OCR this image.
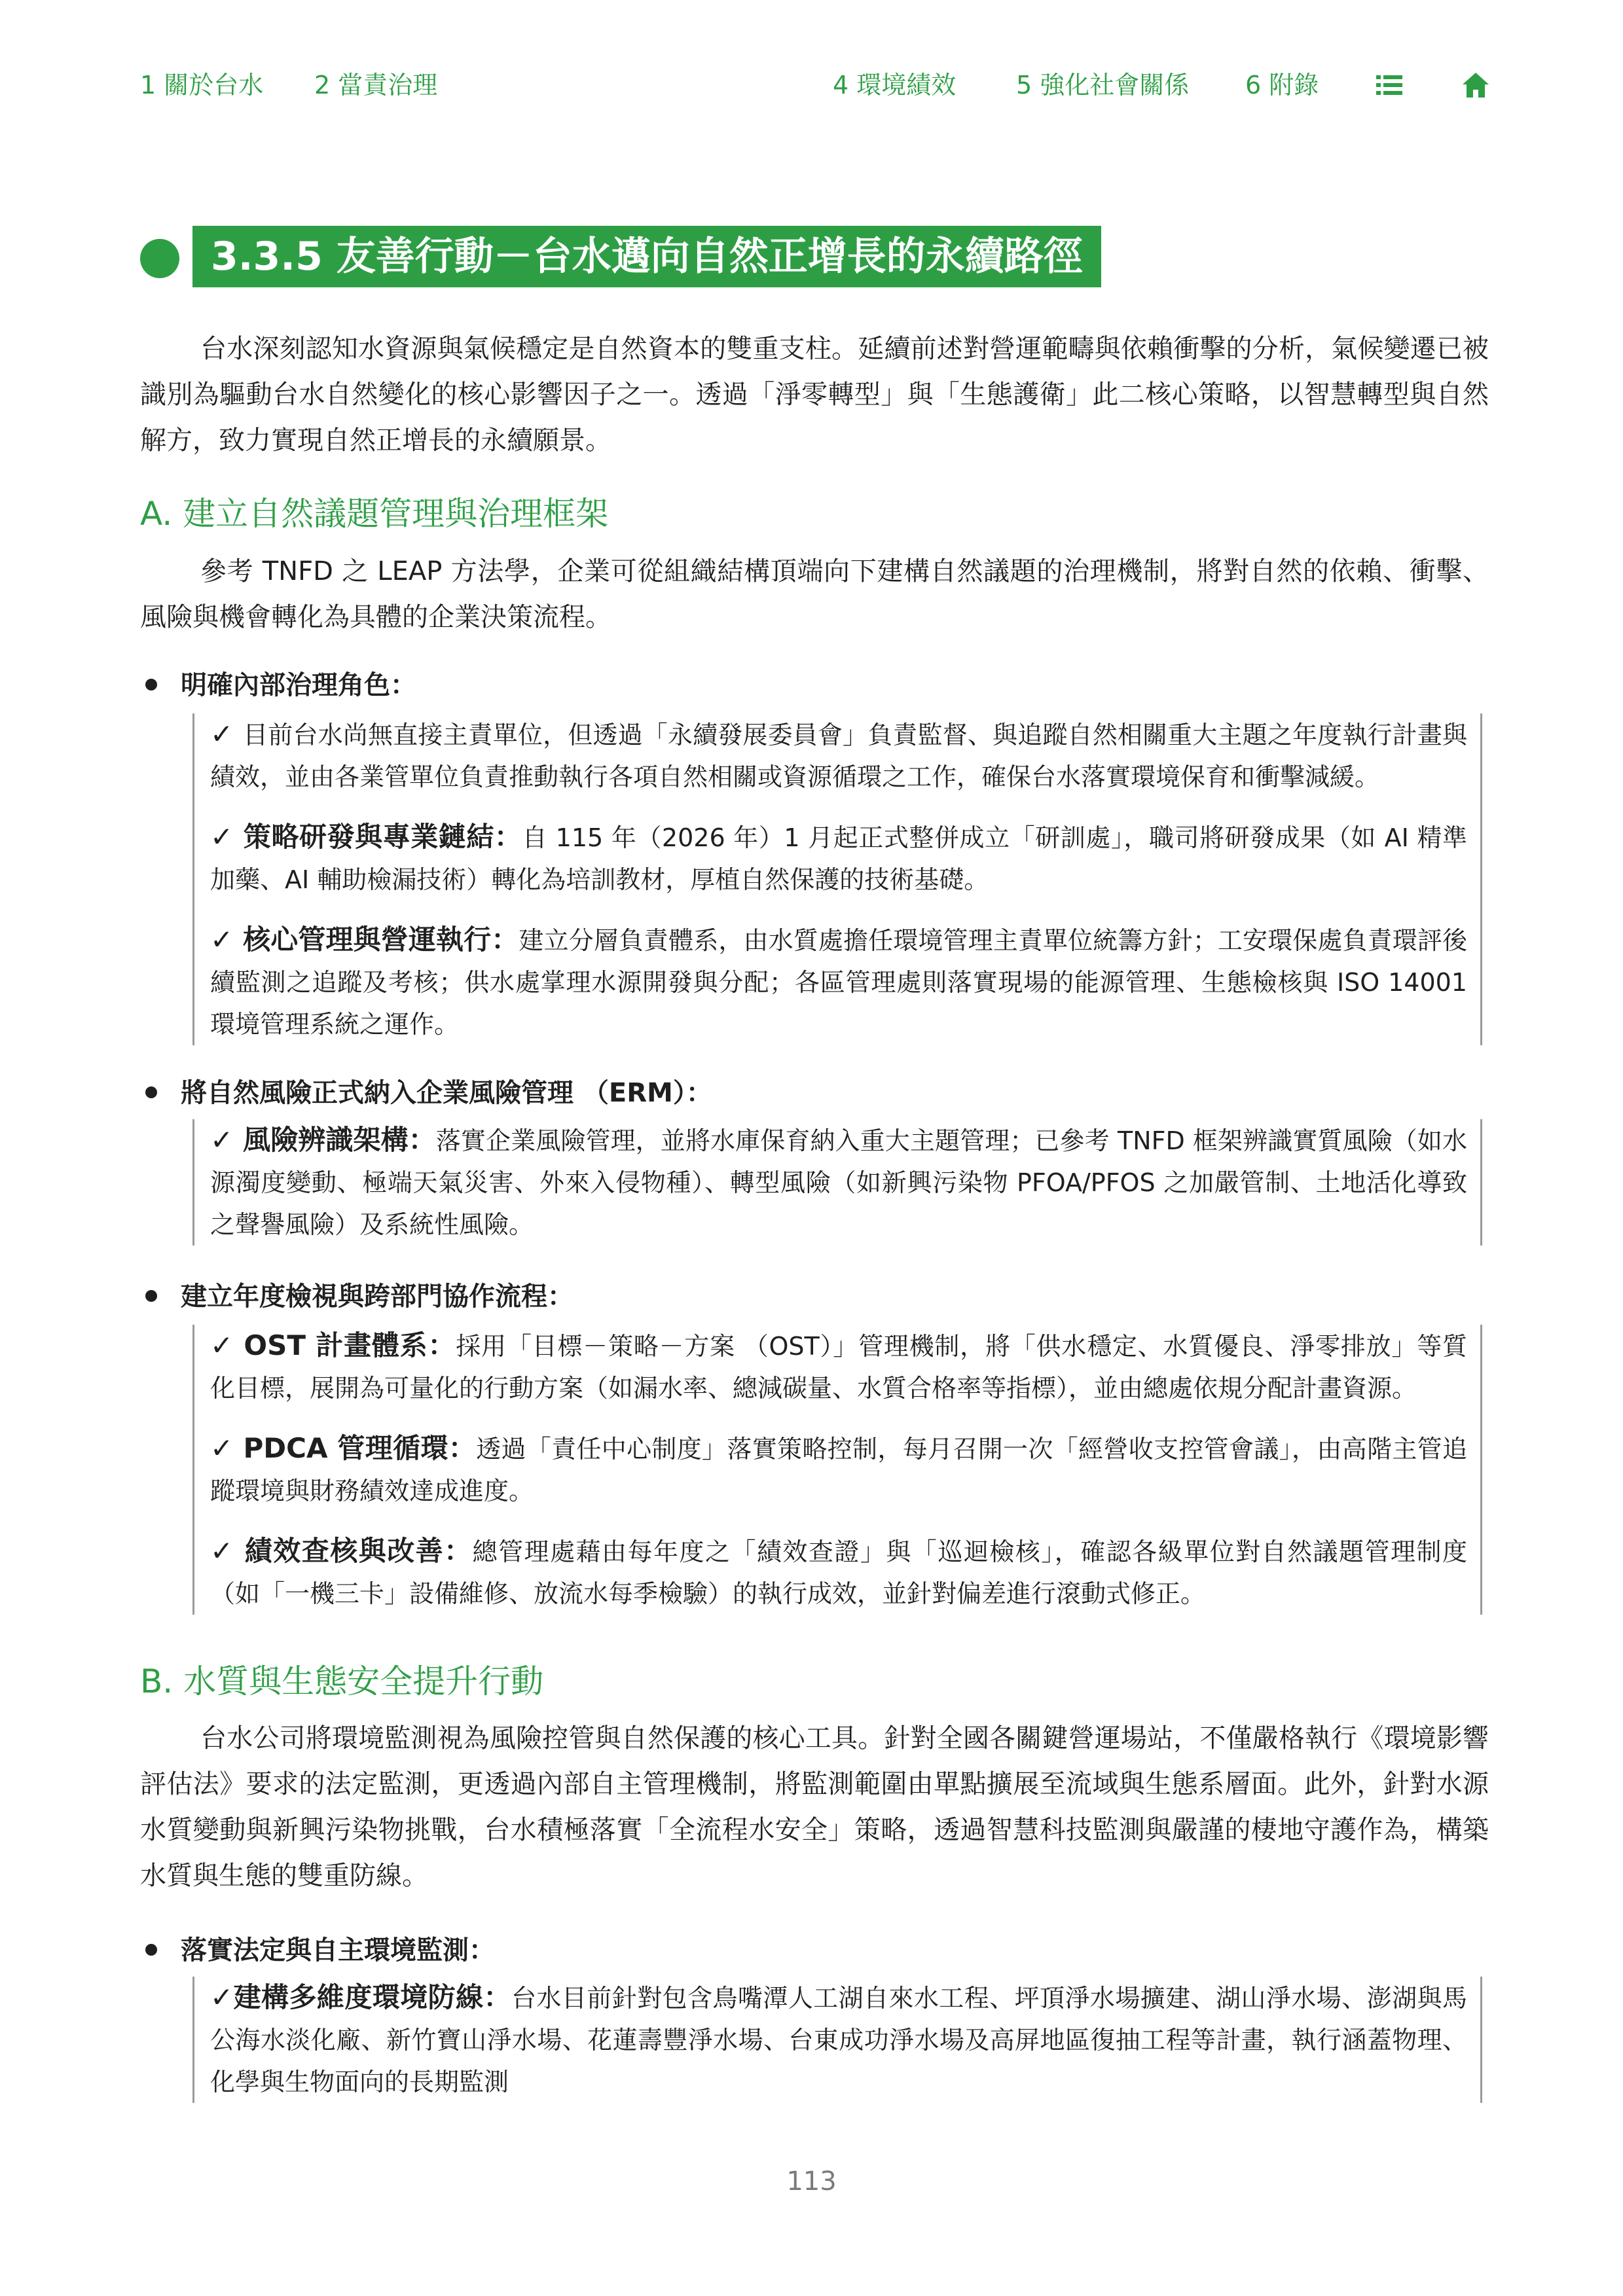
1 關於台水 2 當責治理	4 環境績效 5 強化社會關係 6 附錄
3.3.5 友善行動－台水邁向自然正增長的永續路徑

台水深刻認知水資源與氣候穩定是自然資本的雙重支柱。延續前述對營運範疇與依賴衝擊的分析，氣候變遷已被識別為驅動台水自然變化的核心影響因子之一。透過「淨零轉型」與「生態護衛」此二核心策略，以智慧轉型與自然解方，致力實現自然正增長的永續願景。

A. 建立自然議題管理與治理框架

參考 TNFD 之 LEAP 方法學，企業可從組織結構頂端向下建構自然議題的治理機制，將對自然的依賴、衝擊、風險與機會轉化為具體的企業決策流程。

明確內部治理角色：
✓ 目前台水尚無直接主責單位，但透過「永續發展委員會」負責監督、與追蹤自然相關重大主題之年度執行計畫與績效，並由各業管單位負責推動執行各項自然相關或資源循環之工作，確保台水落實環境保育和衝擊減緩。
✓ 策略研發與專業鏈結：自 115 年（2026 年）1 月起正式整併成立「研訓處」，職司將研發成果（如 AI 精準加藥、AI 輔助檢漏技術）轉化為培訓教材，厚植自然保護的技術基礎。
✓ 核心管理與營運執行：建立分層負責體系，由水質處擔任環境管理主責單位統籌方針；工安環保處負責環評後續監測之追蹤及考核；供水處掌理水源開發與分配；各區管理處則落實現場的能源管理、生態檢核與 ISO 14001 環境管理系統之運作。
將自然風險正式納入企業風險管理 （ERM）：
✓ 風險辨識架構：落實企業風險管理，並將水庫保育納入重大主題管理；已參考 TNFD 框架辨識實質風險（如水源濁度變動、極端天氣災害、外來入侵物種）、轉型風險（如新興污染物 PFOA/PFOS 之加嚴管制、土地活化導致之聲譽風險）及系統性風險。
建立年度檢視與跨部門協作流程：
✓ OST 計畫體系：採用「目標－策略－方案 （OST）」管理機制，將「供水穩定、水質優良、淨零排放」等質化目標，展開為可量化的行動方案（如漏水率、總減碳量、水質合格率等指標），並由總處依規分配計畫資源。
✓ PDCA 管理循環：透過「責任中心制度」落實策略控制，每月召開一次「經營收支控管會議」，由高階主管追蹤環境與財務績效達成進度。
✓ 績效查核與改善：總管理處藉由每年度之「績效查證」與「巡迴檢核」，確認各級單位對自然議題管理制度（如「一機三卡」設備維修、放流水每季檢驗）的執行成效，並針對偏差進行滾動式修正。
B. 水質與生態安全提升行動

台水公司將環境監測視為風險控管與自然保護的核心工具。針對全國各關鍵營運場站，不僅嚴格執行《環境影響評估法》要求的法定監測，更透過內部自主管理機制，將監測範圍由單點擴展至流域與生態系層面。此外，針對水源水質變動與新興污染物挑戰，台水積極落實「全流程水安全」策略，透過智慧科技監測與嚴謹的棲地守護作為，構築水質與生態的雙重防線。

落實法定與自主環境監測：
✓建構多維度環境防線：台水目前針對包含鳥嘴潭人工湖自來水工程、坪頂淨水場擴建、湖山淨水場、澎湖與馬公海水淡化廠、新竹寶山淨水場、花蓮壽豐淨水場、台東成功淨水場及高屏地區復抽工程等計畫，執行涵蓋物理、化學與生物面向的長期監測
113
